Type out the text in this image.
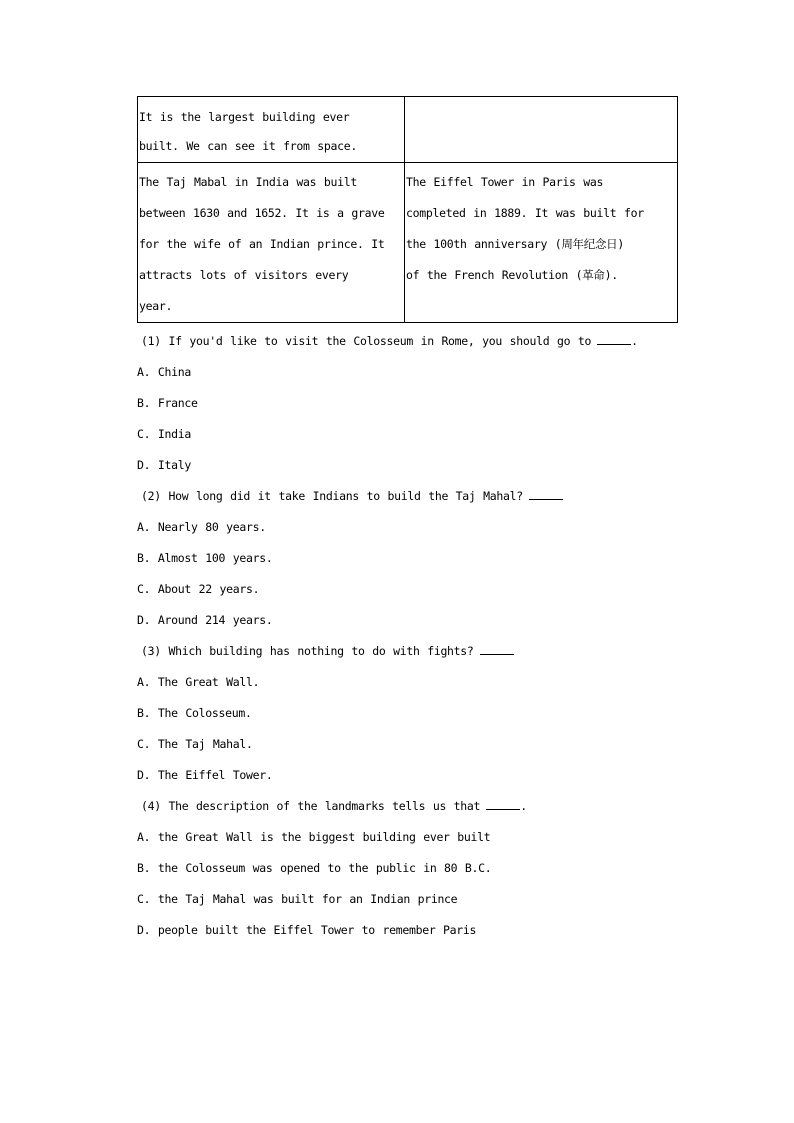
It is the largest building ever
built. We can see it from space.	

The Taj Mabal in India was built
between 1630 and 1652. It is a grave
for the wife of an Indian prince. It
attracts lots of visitors every
year.	The Eiffel Tower in Paris was
completed in 1889. It was built for
the 100th anniversary (周年纪念日)
of the French Revolution (革命).

(1) If you'd like to visit the Colosseum in Rome, you should go to	.
A. China
B. France
C. India
D. Italy
(2) How long did it take Indians to build the Taj Mahal?
A. Nearly 80 years.
B. Almost 100 years.
C. About 22 years.
D. Around 214 years.
(3) Which building has nothing to do with fights?
A. The Great Wall.
B. The Colosseum.
C. The Taj Mahal.
D. The Eiffel Tower.
(4) The description of the landmarks tells us that	.
A. the Great Wall is the biggest building ever built
B. the Colosseum was opened to the public in 80 B.C.
C. the Taj Mahal was built for an Indian prince
D. people built the Eiffel Tower to remember Paris
